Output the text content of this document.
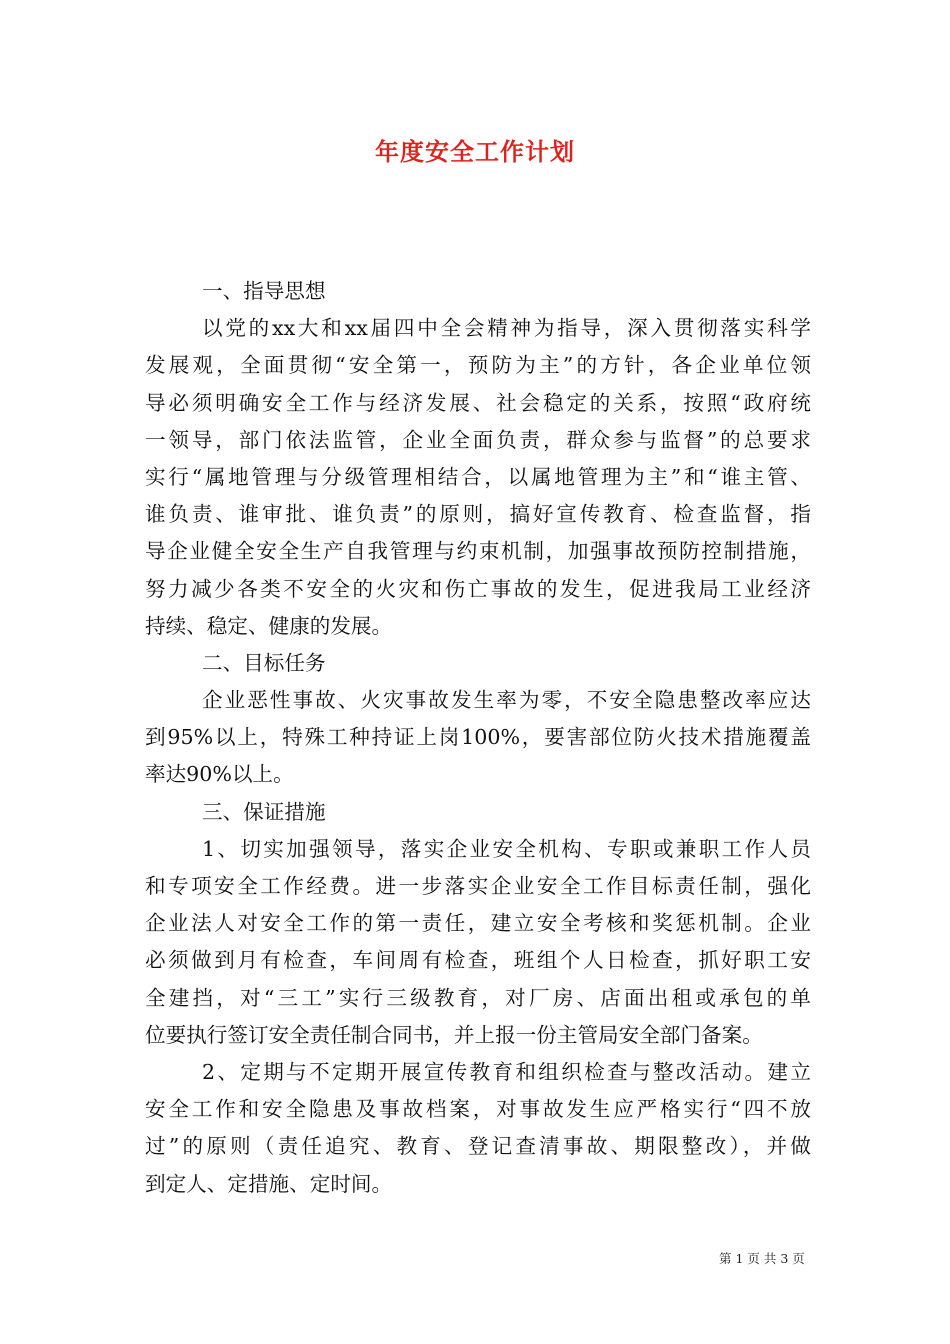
年度安全工作计划
一、指导思想
以党的xx大和xx届四中全会精神为指导，深入贯彻落实科学
发展观，全面贯彻“安全第一，预防为主”的方针，各企业单位领
导必须明确安全工作与经济发展、社会稳定的关系，按照“政府统
一领导，部门依法监管，企业全面负责，群众参与监督”的总要求
实行“属地管理与分级管理相结合，以属地管理为主”和“谁主管、
谁负责、谁审批、谁负责”的原则，搞好宣传教育、检查监督，指
导企业健全安全生产自我管理与约束机制，加强事故预防控制措施，
努力减少各类不安全的火灾和伤亡事故的发生，促进我局工业经济
持续、稳定、健康的发展。
二、目标任务
企业恶性事故、火灾事故发生率为零，不安全隐患整改率应达
到95%以上，特殊工种持证上岗100%，要害部位防火技术措施覆盖
率达90%以上。
三、保证措施
1、切实加强领导，落实企业安全机构、专职或兼职工作人员
和专项安全工作经费。进一步落实企业安全工作目标责任制，强化
企业法人对安全工作的第一责任，建立安全考核和奖惩机制。企业
必须做到月有检查，车间周有检查，班组个人日检查，抓好职工安
全建挡，对“三工”实行三级教育，对厂房、店面出租或承包的单
位要执行签订安全责任制合同书，并上报一份主管局安全部门备案。
2、定期与不定期开展宣传教育和组织检查与整改活动。建立
安全工作和安全隐患及事故档案，对事故发生应严格实行“四不放
过”的原则（责任追究、教育、登记查清事故、期限整改），并做
到定人、定措施、定时间。
第 1 页 共 3 页
